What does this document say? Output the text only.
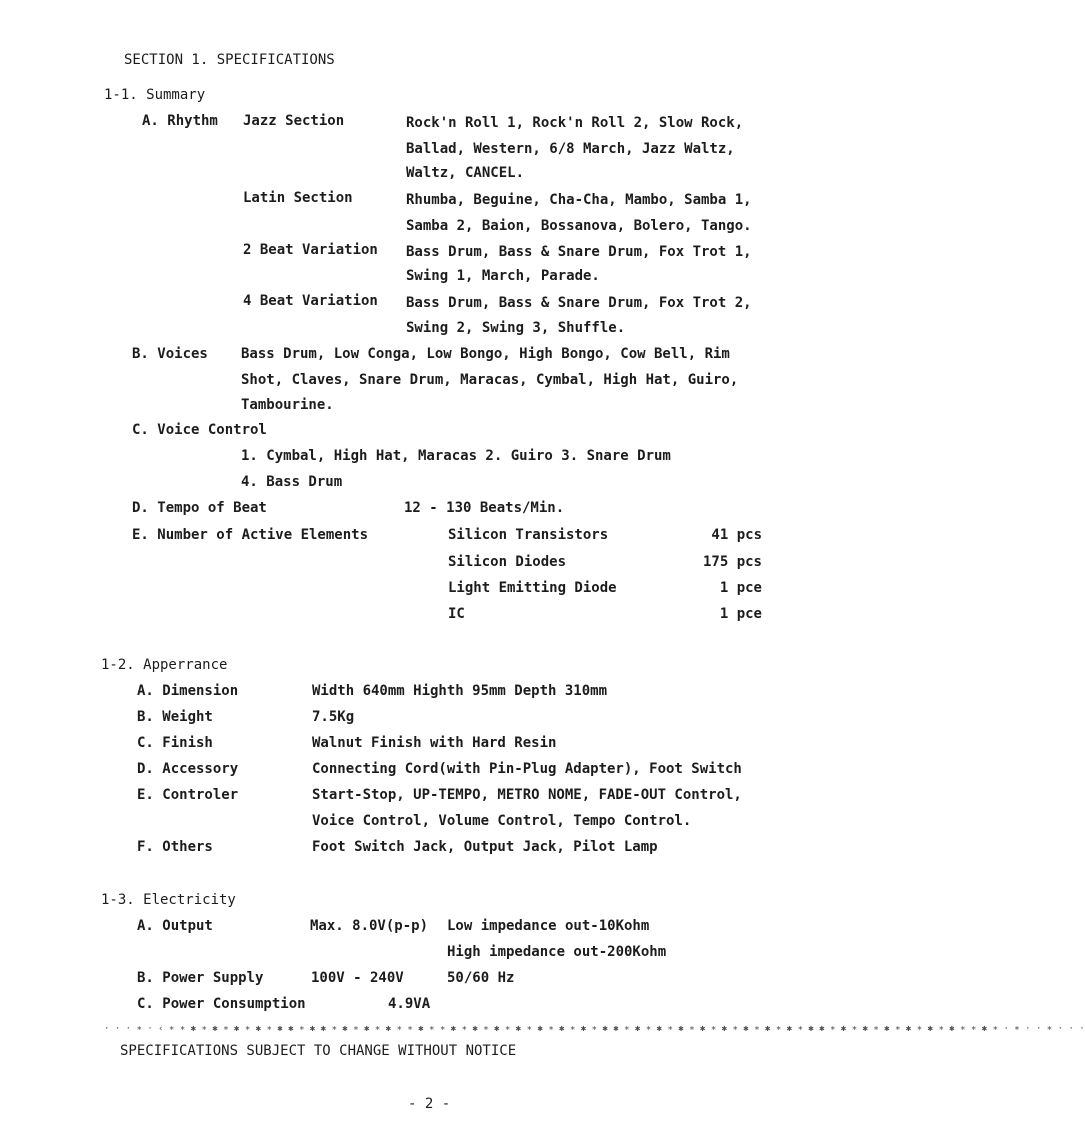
SECTION 1. SPECIFICATIONS
1-1. Summary
A. Rhythm Jazz Section	Rock'n Roll 1, Rock'n Roll 2, Slow Rock,
Ballad, Western, 6/8 March, Jazz Waltz,
Waltz, CANCEL.
Latin Section	Rhumba, Beguine, Cha-Cha, Mambo, Samba 1,
Samba 2, Baion, Bossanova, Bolero, Tango.
2 Beat Variation Bass Drum, Bass & Snare Drum, Fox Trot 1,
Swing 1, March, Parade.
4 Beat Variation Bass Drum, Bass & Snare Drum, Fox Trot 2,
Swing 2, Swing 3, Shuffle.
B. Voices Bass Drum, Low Conga, Low Bongo, High Bongo, Cow Bell, Rim
Shot, Claves, Snare Drum, Maracas, Cymbal, High Hat, Guiro,
Tambourine.
C. Voice Control
1. Cymbal, High Hat, Maracas 2. Guiro 3. Snare Drum
4. Bass Drum
D. Tempo of Beat	12 - 130 Beats/Min.
E. Number of Active Elements	Silicon Transistors	41 pcs
Silicon Diodes	175 pcs
Light Emitting Diode	1 pce
IC	1 pce
1-2. Apperrance
A. Dimension	Width 640mm Highth 95mm Depth 310mm
B. Weight	7.5Kg
C. Finish	Walnut Finish with Hard Resin
D. Accessory	Connecting Cord(with Pin-Plug Adapter), Foot Switch
E. Controler	Start-Stop, UP-TEMPO, METRO NOME, FADE-OUT Control,
Voice Control, Volume Control, Tempo Control.
F. Others	Foot Switch Jack, Output Jack, Pilot Lamp
1-3. Electricity
A. Output	Max. 8.0V(p-p) Low impedance out-10Kohm
High impedance out-200Kohm
B. Power Supply	100V - 240V	50/60 Hz
C. Power Consumption	4.9VA
· · · ∗ · ‹ ∗ ∗ ✱ ∗ ✱ ∗ ✱ ∗ ✱ ∗ ✱ ✱ ∗ ✱ ✱ ∗ ✱ ∗ ✱ ∗ ✱ ∗ ∗ ✱ ∗ ∗ ✱ ∗ ✱ ∗ ✱ ∗ ✱ ∗ ✱ ∗ ✱ ∗ ✱ ∗ ✱ ✱ ∗ ✱ ∗ ✱ ∗ ✱ ∗ ✱ ∗ ✱ ∗ ✱ ∗ ✱ ∗ ✱ ∗ ✱ ✱ ∗ ✱ ∗ ✱ ∗ ✱ ∗ ✱ ∗ ✱ ∗ ✱ ∗ ∗ ✱ ∗ · ∗ · · ∗ · · ·
SPECIFICATIONS SUBJECT TO CHANGE WITHOUT NOTICE
- 2 -
